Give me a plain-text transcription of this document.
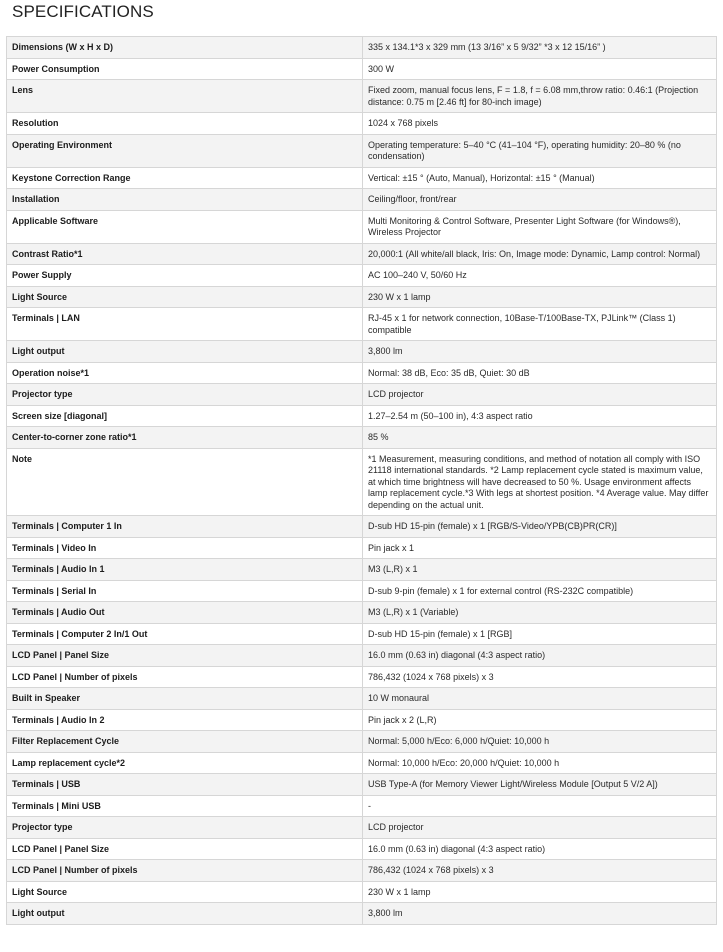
SPECIFICATIONS
Dimensions (W x H x D)	335 x 134.1*3 x 329 mm (13 3/16” x 5 9/32” *3 x 12 15/16” )
Power Consumption	300 W
Lens	Fixed zoom, manual focus lens, F = 1.8, f = 6.08 mm,throw ratio: 0.46:1 (Projection distance: 0.75 m [2.46 ft] for 80-inch image)
Resolution	1024 x 768 pixels
Operating Environment	Operating temperature: 5–40 °C (41–104 °F), operating humidity: 20–80 % (no condensation)
Keystone Correction Range	Vertical: ±15 ° (Auto, Manual), Horizontal: ±15 ° (Manual)
Installation	Ceiling/floor, front/rear
Applicable Software	Multi Monitoring & Control Software, Presenter Light Software (for Windows®), Wireless Projector
Contrast Ratio*1	20,000:1 (All white/all black, Iris: On, Image mode: Dynamic, Lamp control: Normal)
Power Supply	AC 100–240 V, 50/60 Hz
Light Source	230 W x 1 lamp
Terminals | LAN	RJ-45 x 1 for network connection, 10Base-T/100Base-TX, PJLink™ (Class 1) compatible
Light output	3,800 lm
Operation noise*1	Normal: 38 dB, Eco: 35 dB, Quiet: 30 dB
Projector type	LCD projector
Screen size [diagonal]	1.27–2.54 m (50–100 in), 4:3 aspect ratio
Center-to-corner zone ratio*1	85 %
Note	*1 Measurement, measuring conditions, and method of notation all comply with ISO 21118 international standards. *2 Lamp replacement cycle stated is maximum value, at which time brightness will have decreased to 50 %. Usage environment affects lamp replacement cycle.*3 With legs at shortest position. *4 Average value. May differ depending on the actual unit.
Terminals | Computer 1 In	D-sub HD 15-pin (female) x 1 [RGB/S-Video/YPB(CB)PR(CR)]
Terminals | Video In	Pin jack x 1
Terminals | Audio In 1	M3 (L,R) x 1
Terminals | Serial In	D-sub 9-pin (female) x 1 for external control (RS-232C compatible)
Terminals | Audio Out	M3 (L,R) x 1 (Variable)
Terminals | Computer 2 In/1 Out	D-sub HD 15-pin (female) x 1 [RGB]
LCD Panel | Panel Size	16.0 mm (0.63 in) diagonal (4:3 aspect ratio)
LCD Panel | Number of pixels	786,432 (1024 x 768 pixels) x 3
Built in Speaker	10 W monaural
Terminals | Audio In 2	Pin jack x 2 (L,R)
Filter Replacement Cycle	Normal: 5,000 h/Eco: 6,000 h/Quiet: 10,000 h
Lamp replacement cycle*2	Normal: 10,000 h/Eco: 20,000 h/Quiet: 10,000 h
Terminals | USB	USB Type-A (for Memory Viewer Light/Wireless Module [Output 5 V/2 A])
Terminals | Mini USB	-
Projector type	LCD projector
LCD Panel | Panel Size	16.0 mm (0.63 in) diagonal (4:3 aspect ratio)
LCD Panel | Number of pixels	786,432 (1024 x 768 pixels) x 3
Light Source	230 W x 1 lamp
Light output	3,800 lm
